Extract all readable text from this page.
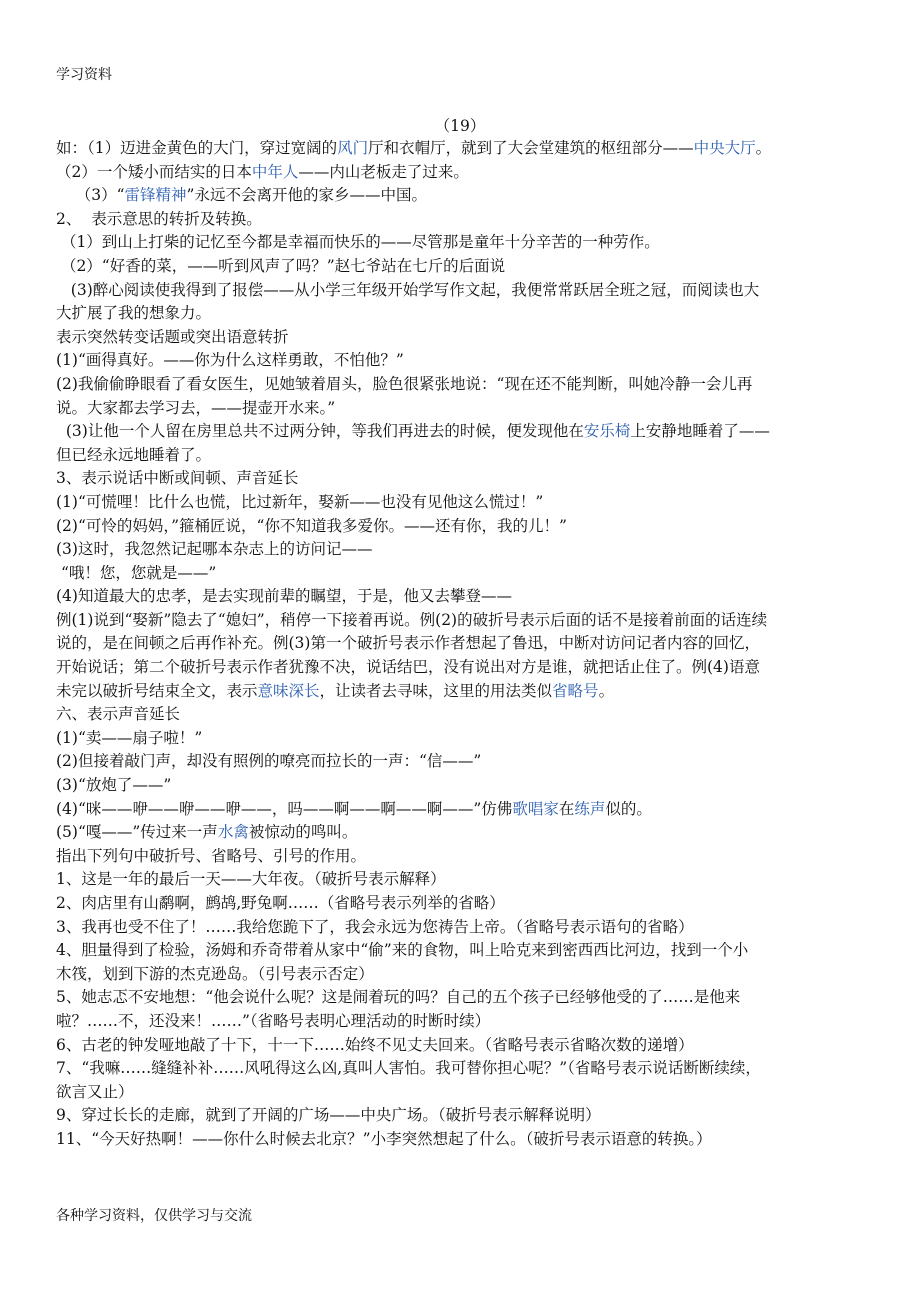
学习资料
（19）
如：（1）迈进金黄色的大门，穿过宽阔的风门厅和衣帽厅，就到了大会堂建筑的枢纽部分——中央大厅。
（2）一个矮小而结实的日本中年人——内山老板走了过来。
（3）“雷锋精神”永远不会离开他的家乡——中国。
2、  表示意思的转折及转换。
（1）到山上打柴的记忆至今都是幸福而快乐的——尽管那是童年十分辛苦的一种劳作。
（2）“好香的菜，——听到风声了吗？”赵七爷站在七斤的后面说
(3)醉心阅读使我得到了报偿——从小学三年级开始学写作文起，我便常常跃居全班之冠，而阅读也大
大扩展了我的想象力。
表示突然转变话题或突出语意转折
(1)“画得真好。——你为什么这样勇敢，不怕他？”
(2)我偷偷睁眼看了看女医生，见她皱着眉头，脸色很紧张地说：“现在还不能判断，叫她冷静一会儿再
说。大家都去学习去，——提壶开水来。”
(3)让他一个人留在房里总共不过两分钟，等我们再进去的时候，便发现他在安乐椅上安静地睡着了——
但已经永远地睡着了。
3、表示说话中断或间顿、声音延长
(1)“可慌哩！比什么也慌，比过新年，娶新——也没有见他这么慌过！”
(2)“可怜的妈妈，”箍桶匠说，“你不知道我多爱你。——还有你，我的儿！”
(3)这时，我忽然记起哪本杂志上的访问记——
“哦！您，您就是——”
(4)知道最大的忠孝，是去实现前辈的瞩望，于是，他又去攀登——
例(1)说到“娶新”隐去了“媳妇”，稍停一下接着再说。例(2)的破折号表示后面的话不是接着前面的话连续
说的，是在间顿之后再作补充。例(3)第一个破折号表示作者想起了鲁迅，中断对访问记者内容的回忆，
开始说话；第二个破折号表示作者犹豫不决，说话结巴，没有说出对方是谁，就把话止住了。例(4)语意
未完以破折号结束全文，表示意味深长，让读者去寻味，这里的用法类似省略号。
六、表示声音延长
(1)“卖——扇子啦！”
(2)但接着敲门声，却没有照例的嘹亮而拉长的一声：“信——”
(3)“放炮了——”
(4)“咪——咿——咿——咿——，吗——啊——啊——啊——”仿佛歌唱家在练声似的。
(5)“嘎——”传过来一声水禽被惊动的鸣叫。
指出下列句中破折号、省略号、引号的作用。
1、这是一年的最后一天——大年夜。（破折号表示解释）
2、肉店里有山鹬啊，鹧鸪,野兔啊……（省略号表示列举的省略）
3、我再也受不住了！……我给您跪下了，我会永远为您祷告上帝。（省略号表示语句的省略）
4、胆量得到了检验，汤姆和乔奇带着从家中“偷”来的食物，叫上哈克来到密西西比河边，找到一个小
木筏，划到下游的杰克逊岛。（引号表示否定）
5、她志忑不安地想：“他会说什么呢？这是闹着玩的吗？自己的五个孩子已经够他受的了……是他来
啦？……不，还没来！……”（省略号表明心理活动的时断时续）
6、古老的钟发哑地敲了十下，十一下……始终不见丈夫回来。（省略号表示省略次数的递增）
7、“我嘛……缝缝补补……风吼得这么凶,真叫人害怕。我可替你担心呢？”（省略号表示说话断断续续，
欲言又止）
9、穿过长长的走廊，就到了开阔的广场——中央广场。（破折号表示解释说明）
11、“今天好热啊！——你什么时候去北京？”小李突然想起了什么。（破折号表示语意的转换。）
各种学习资料，仅供学习与交流
